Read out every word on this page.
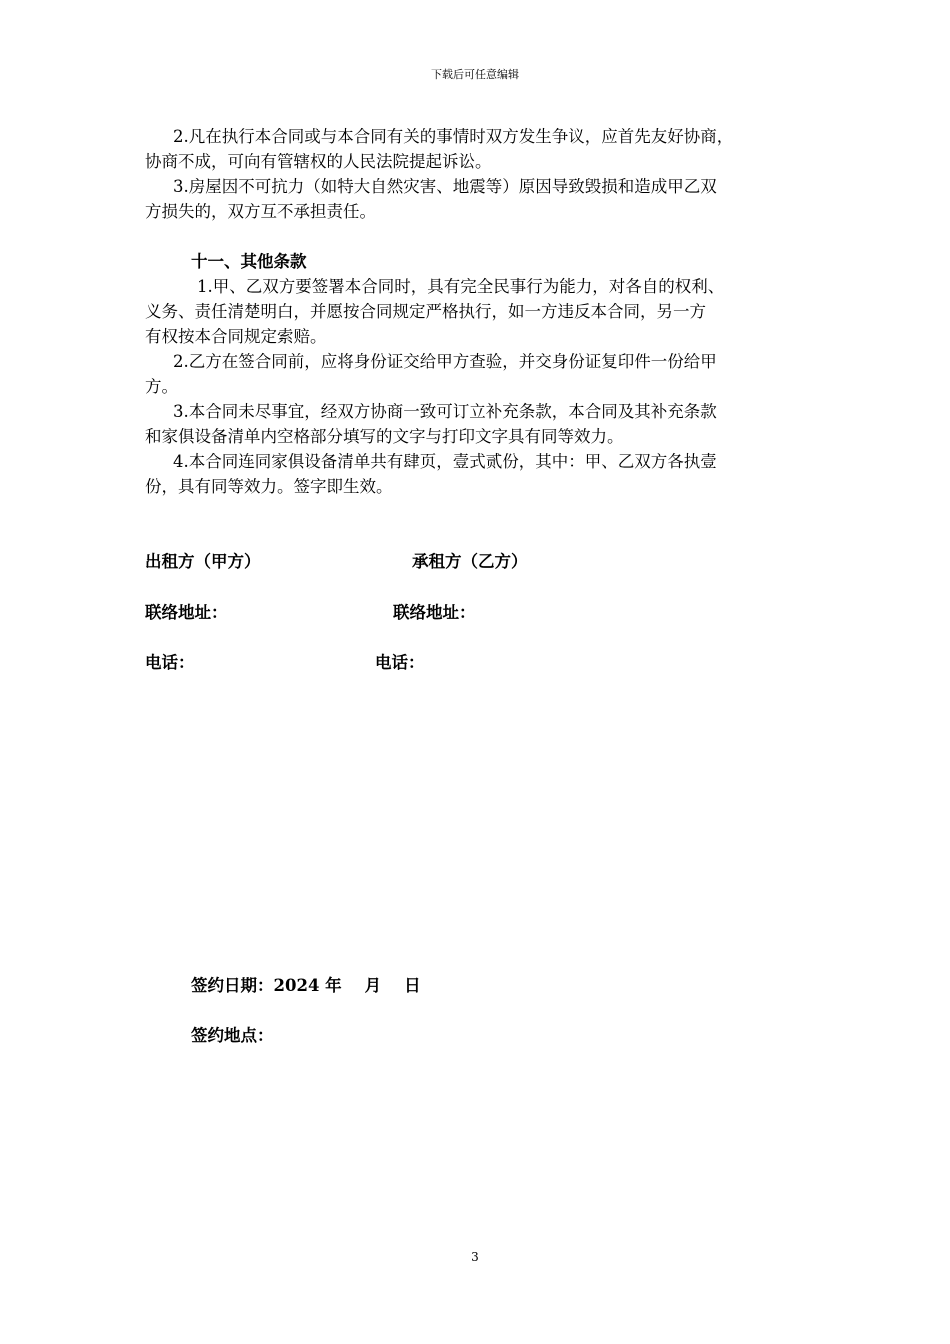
下载后可任意编辑
2.凡在执行本合同或与本合同有关的事情时双方发生争议，应首先友好协商，
协商不成，可向有管辖权的人民法院提起诉讼。
3.房屋因不可抗力（如特大自然灾害、地震等）原因导致毁损和造成甲乙双
方损失的，双方互不承担责任。
十一、其他条款
1.甲、乙双方要签署本合同时，具有完全民事行为能力，对各自的权利、
义务、责任清楚明白，并愿按合同规定严格执行，如一方违反本合同，另一方
有权按本合同规定索赔。
2.乙方在签合同前，应将身份证交给甲方查验，并交身份证复印件一份给甲
方。
3.本合同未尽事宜，经双方协商一致可订立补充条款，本合同及其补充条款
和家俱设备清单内空格部分填写的文字与打印文字具有同等效力。
4.本合同连同家俱设备清单共有肆页，壹式贰份，其中：甲、乙双方各执壹
份，具有同等效力。签字即生效。
出租方（甲方）	承租方（乙方）
联络地址：	联络地址：
电话：	电话：
签约日期：2024 年    月    日
签约地点：
3
